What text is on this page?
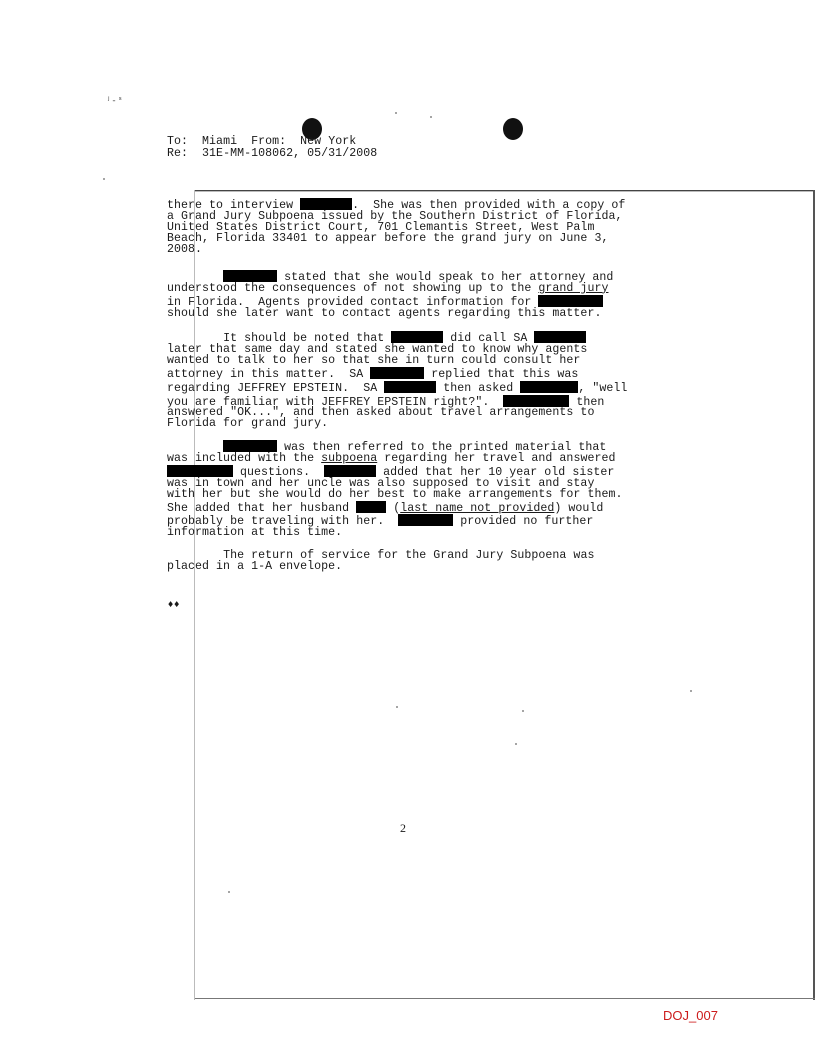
ʲ ‐ ˢ
To: Miami From: New York
Re: 31E-MM-108062, 05/31/2008
there to interview	.  She was then provided with a copy of
a Grand Jury Subpoena issued by the Southern District of Florida,
United States District Court, 701 Clemantis Street, West Palm
Beach, Florida 33401 to appear before the grand jury on June 3,
2008.
stated that she would speak to her attorney and
understood the consequences of not showing up to the grand jury
in Florida.  Agents provided contact information for
should she later want to contact agents regarding this matter.
It should be noted that	did call SA
later that same day and stated she wanted to know why agents
wanted to talk to her so that she in turn could consult her
attorney in this matter.  SA	replied that this was
regarding JEFFREY EPSTEIN.  SA	then asked	, "well
you are familiar with JEFFREY EPSTEIN right?".	then
answered "OK...", and then asked about travel arrangements to
Florida for grand jury.
was then referred to the printed material that
was included with the subpoena regarding her travel and answered
questions.	added that her 10 year old sister
was in town and her uncle was also supposed to visit and stay
with her but she would do her best to make arrangements for them.
She added that her husband	(last name not provided) would
probably be traveling with her.	provided no further
information at this time.
The return of service for the Grand Jury Subpoena was
placed in a 1-A envelope.
♦♦
2
DOJ_007
